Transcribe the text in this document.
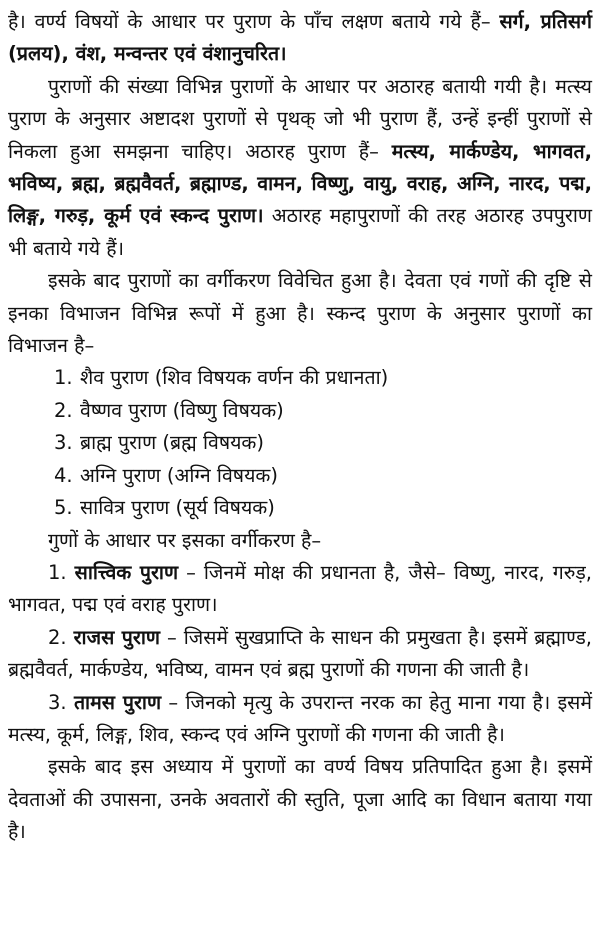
है। वर्ण्य विषयों के आधार पर पुराण के पाँच लक्षण बताये गये हैं– सर्ग, प्रतिसर्ग (प्रलय), वंश, मन्वन्तर एवं वंशानुचरित।

पुराणों की संख्या विभिन्न पुराणों के आधार पर अठारह बतायी गयी है। मत्स्य पुराण के अनुसार अष्टादश पुराणों से पृथक् जो भी पुराण हैं, उन्हें इन्हीं पुराणों से निकला हुआ समझना चाहिए। अठारह पुराण हैं– मत्स्य, मार्कण्डेय, भागवत, भविष्य, ब्रह्म, ब्रह्मवैवर्त, ब्रह्माण्ड, वामन, विष्णु, वायु, वराह, अग्नि, नारद, पद्म, लिङ्ग, गरुड़, कूर्म एवं स्कन्द पुराण। अठारह महापुराणों की तरह अठारह उपपुराण भी बताये गये हैं।

इसके बाद पुराणों का वर्गीकरण विवेचित हुआ है। देवता एवं गणों की दृष्टि से इनका विभाजन विभिन्न रूपों में हुआ है। स्कन्द पुराण के अनुसार पुराणों का विभाजन है–

1. शैव पुराण (शिव विषयक वर्णन की प्रधानता)
2. वैष्णव पुराण (विष्णु विषयक)
3. ब्राह्म पुराण (ब्रह्म विषयक)
4. अग्नि पुराण (अग्नि विषयक)
5. सावित्र पुराण (सूर्य विषयक)

गुणों के आधार पर इसका वर्गीकरण है–

1. सात्त्विक पुराण – जिनमें मोक्ष की प्रधानता है, जैसे– विष्णु, नारद, गरुड़, भागवत, पद्म एवं वराह पुराण।

2. राजस पुराण – जिसमें सुखप्राप्ति के साधन की प्रमुखता है। इसमें ब्रह्माण्ड, ब्रह्मवैवर्त, मार्कण्डेय, भविष्य, वामन एवं ब्रह्म पुराणों की गणना की जाती है।

3. तामस पुराण – जिनको मृत्यु के उपरान्त नरक का हेतु माना गया है। इसमें मत्स्य, कूर्म, लिङ्ग, शिव, स्कन्द एवं अग्नि पुराणों की गणना की जाती है।

इसके बाद इस अध्याय में पुराणों का वर्ण्य विषय प्रतिपादित हुआ है। इसमें देवताओं की उपासना, उनके अवतारों की स्तुति, पूजा आदि का विधान बताया गया है।
